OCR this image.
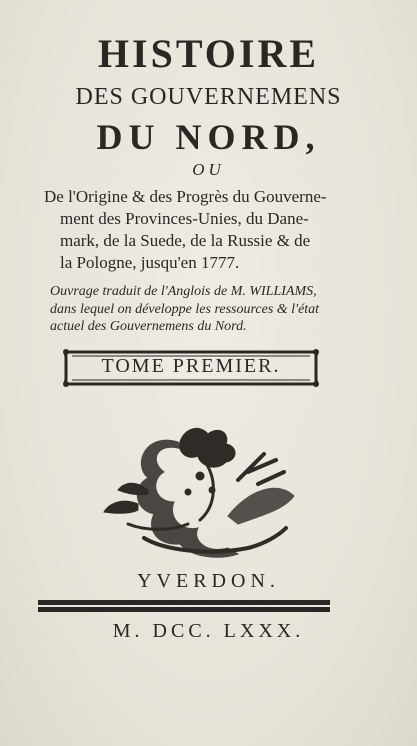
HISTOIRE
DES GOUVERNEMENS
DU NORD,
OU
De l'Origine & des Progrès du Gouverne-
ment des Provinces-Unies, du Dane-
mark, de la Suede, de la Russie & de
la Pologne, jusqu'en 1777.
Ouvrage traduit de l'Anglois de M. WILLIAMS,
dans lequel on développe les ressources & l'état
actuel des Gouvernemens du Nord.
TOME PREMIER.
YVERDON.
M. DCC. LXXX.
